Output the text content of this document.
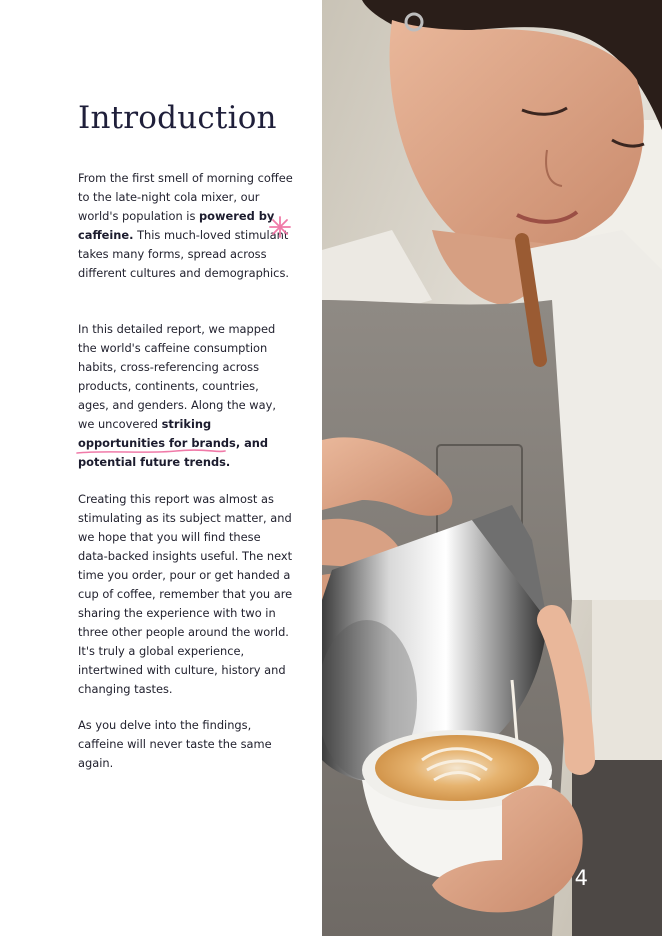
Introduction

From the first smell of morning coffee to the late-night cola mixer, our world's population is powered by caffeine. This much-loved stimulant takes many forms, spread across different cultures and demographics.

In this detailed report, we mapped the world's caffeine consumption habits, cross-referencing across products, continents, countries, ages, and genders. Along the way, we uncovered striking opportunities for brands, and potential future trends.

Creating this report was almost as stimulating as its subject matter, and we hope that you will find these data-backed insights useful. The next time you order, pour or get handed a cup of coffee, remember that you are sharing the experience with two in three other people around the world. It's truly a global experience, intertwined with culture, history and changing tastes.

As you delve into the findings, caffeine will never taste the same again.

4
